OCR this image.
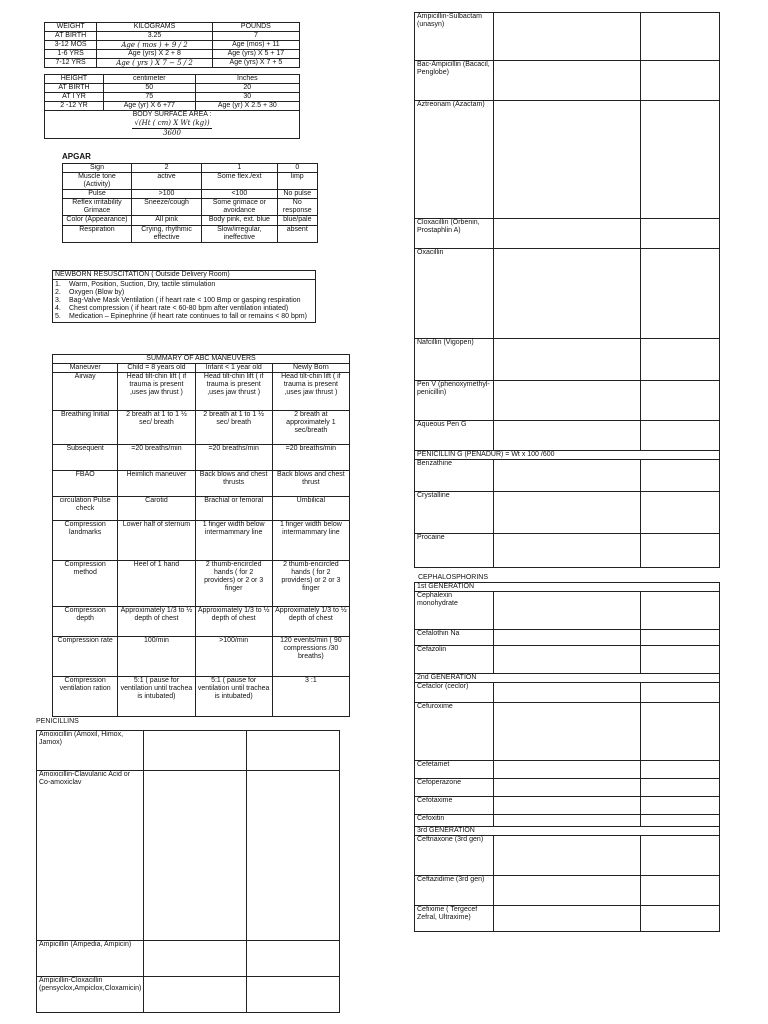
WEIGHT	KILOGRAMS	POUNDS
AT BIRTH	3.25	7
3-12 MOS	Age ( mos ) + 9 / 2	Age (mos) + 11
1-6 YRS	Age (yrs) X 2 + 8	Age (yrs) X 5 + 17
7-12 YRS	Age ( yrs ) X 7 − 5 / 2	Age (yrs) X 7 + 5
HEIGHT	centimeter	Inches
AT BIRTH	50	20
AT I YR	75	30
2 -12 YR	Age (yr) X 6 +77	Age (yr) X 2.5 + 30

BODY SURFACE AREA :
$\frac{\text{√(Ht ( cm) X Wt (kg))}}{3600}$
APGAR
Sign	2	1	0
Muscle tone (Activity)	active	Some flex./ext	limp
Pulse	>100	<100	No pulse
Reflex irritability Grimace	Sneeze/cough	Some grimace or avoidance	No response
Color (Appearance)	All pink	Body pink, ext. blue	blue/pale
Respiration	Crying, rhythmic effective	Slow/irregular, ineffective	absent
NEWBORN RESUSCITATION ( Outside Delivery Room)
1.	Warm, Position, Suction, Dry, tactile stimulation
2.	Oxygen (Blow by)
3.	Bag-Valve Mask Ventilation ( if heart rate < 100 Bmp or gasping respiration
4.	Chest compression ( if heart rate < 60-80 bpm after ventilation intiated)
5.	Medication – Epinephrine (if heart rate continues to fall or remains < 80 bpm)
SUMMARY OF ABC MANEUVERS			
Maneuver	Child = 8 years old	Infant < 1 year old	Newly Born
Airway	Head tilt-chin lift ( if trauma is present ,uses jaw thrust )	Head tilt-chin lift ( if trauma is present ,uses jaw thrust )	Head tilt-chin lift ( if trauma is present ,uses jaw thrust )
Breathing Initial	2 breath at 1 to 1 ½ sec/ breath	2 breath at 1 to 1 ½ sec/ breath	2 breath at approximately 1 sec/breath
Subsequent	=20 breaths/min	=20 breaths/min	=20 breaths/min
FBAO	Heimlich maneuver	Back blows and chest thrusts	Back blows and chest thrust
circulation Pulse check	Carotid	Brachial or femoral	Umbilical
Compression landmarks	Lower half of sternum	1 finger width below intermammary line	1 finger width below intermammary line
Compression method	Heel of 1 hand	2 thumb-encircled hands ( for 2 providers) or 2 or 3 finger	2 thumb-encircled hands ( for 2 providers) or 2 or 3 finger
Compression depth	Approximately 1/3 to ½ depth of chest	Approximately 1/3 to ½ depth of chest	Approximately 1/3 to ½ depth of chest
Compression rate	100/min	>100/min	120 events/min ( 90 compressions /30 breaths)
Compression ventilation ration	5:1 ( pause for ventilation until trachea is intubated)	5:1 ( pause for ventilation until trachea is intubated)	3 :1
PENICILLINS
Amoxicillin (Amoxil, Himox, Jamox)		
Amoxicillin-Clavulanic Acid or Co-amoxiclav		
Ampicillin (Ampedia, Ampicin)		
Ampicillin-Cloxacillin (pensyclox,Ampiclox,Cloxamicin)		
Ampicillin-Sulbactam (unasyn)		
Bac-Ampicillin (Bacacil, Penglobe)		
Aztreonam (Azactam)		
Cloxacillin (Orbenin, Prostaphlin A)		
Oxacillin		
Nafcillin (Vigopen)		
Pen V (phenoxymethyl-penicillin)		
Aqueous Pen G		
PENICILLIN G (PENADUR) = Wt x 100 /600		
Benzathine		
Crystalline		
Procaine		
CEPHALOSPHORINS
1st GENERATION		
Cephalexin monohydrate		
Cefalothin Na		
Cefazolin		
2nd GENERATION		
Cefaclor (ceclor)		
Cefuroxime		
Cefetamet		
Cefoperazone		
Cefotaxime		
Cefoxitin		
3rd GENERATION		
Ceftriaxone (3rd gen)		
Ceftazidime (3rd gen)		
Cefixime ( Tergecef Zefral, Ultraxime)		
